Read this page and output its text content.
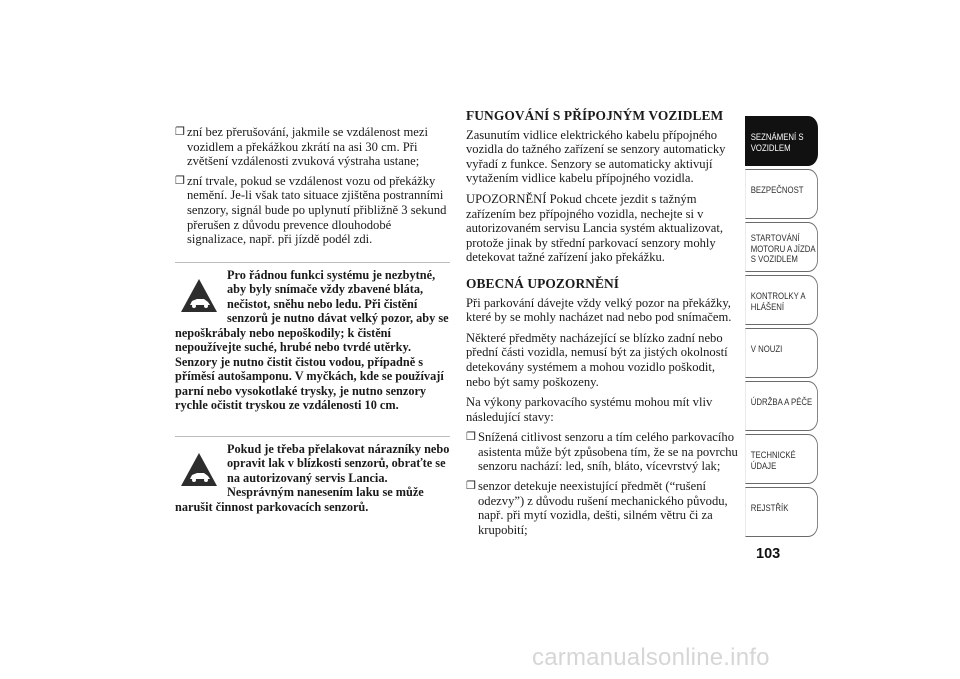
❐ zní bez přerušování, jakmile se vzdálenost mezi vozidlem a překážkou zkrátí na asi 30 cm. Při zvětšení vzdálenosti zvuková výstraha ustane;
❐ zní trvale, pokud se vzdálenost vozu od překážky nemění. Je-li však tato situace zjištěna postranními senzory, signál bude po uplynutí přibližně 3 sekund přerušen z důvodu prevence dlouhodobé signalizace, např. při jízdě podél zdi.
Pro řádnou funkci systému je nezbytné, aby byly snímače vždy zbavené bláta, nečistot, sněhu nebo ledu. Při čistění senzorů je nutno dávat velký pozor, aby se nepoškrábaly nebo nepoškodily; k čistění nepoužívejte suché, hrubé nebo tvrdé utěrky. Senzory je nutno čistit čistou vodou, případně s příměsí autošamponu. V myčkách, kde se používají parní nebo vysokotlaké trysky, je nutno senzory rychle očistit tryskou ze vzdálenosti 10 cm.
Pokud je třeba přelakovat nárazníky nebo opravit lak v blízkosti senzorů, obraťte se na autorizovaný servis Lancia. Nesprávným nanesením laku se může narušit činnost parkovacích senzorů.
FUNGOVÁNÍ S PŘÍPOJNÝM VOZIDLEM

Zasunutím vidlice elektrického kabelu přípojného vozidla do tažného zařízení se senzory automaticky vyřadí z funkce. Senzory se automaticky aktivují vytažením vidlice kabelu přípojného vozidla.

UPOZORNĚNÍ Pokud chcete jezdit s tažným zařízením bez přípojného vozidla, nechejte si v autorizovaném servisu Lancia systém aktualizovat, protože jinak by střední parkovací senzory mohly detekovat tažné zařízení jako překážku.

OBECNÁ UPOZORNĚNÍ

Při parkování dávejte vždy velký pozor na překážky, které by se mohly nacházet nad nebo pod snímačem.

Některé předměty nacházející se blízko zadní nebo přední části vozidla, nemusí být za jistých okolností detekovány systémem a mohou vozidlo poškodit, nebo být samy poškozeny.

Na výkony parkovacího systému mohou mít vliv následující stavy:

❐ Snížená citlivost senzoru a tím celého parkovacího asistenta může být způsobena tím, že se na povrchu senzoru nachází: led, sníh, bláto, vícevrstvý lak;
❐ senzor detekuje neexistující předmět (“rušení odezvy”) z důvodu rušení mechanického původu, např. při mytí vozidla, dešti, silném větru či za krupobití;
SEZNÁMENÍ S
VOZIDLEM
BEZPEČNOST
STARTOVÁNÍ
MOTORU A JÍZDA
S VOZIDLEM
KONTROLKY A
HLÁŠENÍ
V NOUZI
ÚDRŽBA A PÉČE
TECHNICKÉ
ÚDAJE
REJSTŘÍK
103
carmanualsonline.info
